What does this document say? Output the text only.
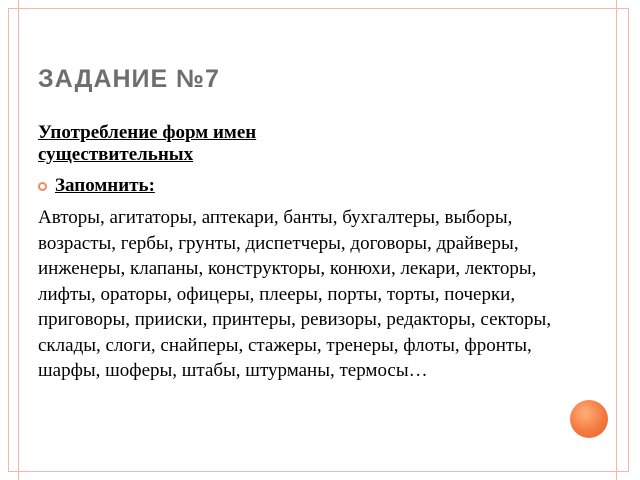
ЗАДАНИЕ №7

Употребление форм имен существительных

Запомнить:

Авторы, агитаторы, аптекари, банты, бухгалтеры, выборы, возрасты, гербы, грунты, диспетчеры, договоры, драйверы, инженеры, клапаны, конструкторы, конюхи, лекари, лекторы, лифты, ораторы, офицеры, плееры, порты, торты, почерки, приговоры, прииски, принтеры, ревизоры, редакторы, секторы, склады, слоги, снайперы, стажеры, тренеры, флоты, фронты, шарфы, шоферы, штабы, штурманы, термосы…
